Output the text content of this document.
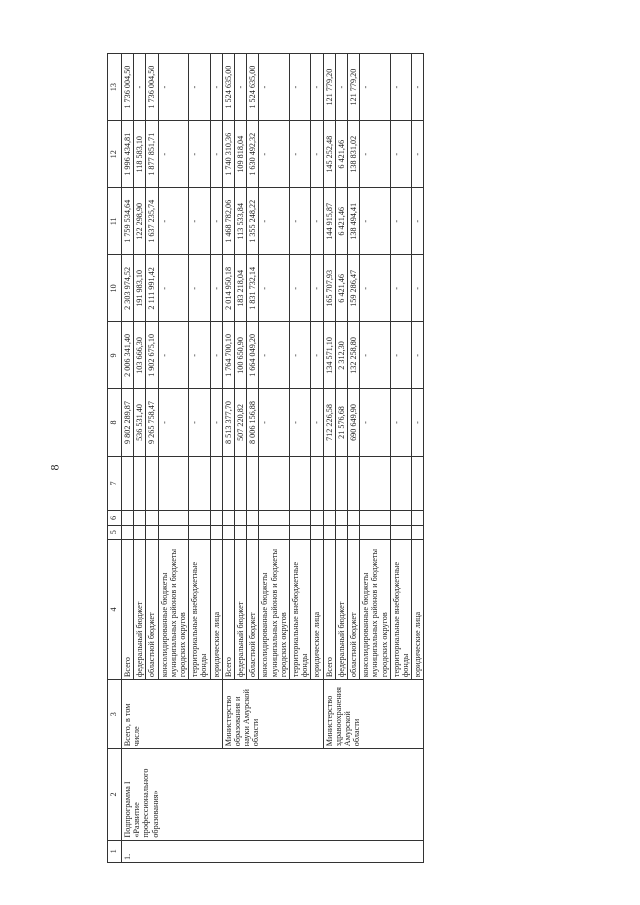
8
1	2	3	4	5	6	7	8	9	10	11	12	13
1.	Подпрограмма I «Развитие профессионального образования»	Всего, в том числе	Всего				9 802 289,87	2 006 341,40	2 303 974,52	1 759 534,64	1 996 434,81	1 736 004,50
			федеральный бюджет				536 531,40	103 666,30	191 983,10	122 298,90	118 583,10	-
			областной бюджет				9 265 758,47	1 902 675,10	2 111 991,42	1 637 235,74	1 877 851,71	1 736 004,50
			консолидированные бюджеты муниципальных районов и бюджеты городских округов				-	-	-	-	-	-
			территориальные внебюджетные фонды				-	-	-	-	-	-
			юридические лица				-	-	-	-	-	-
		Министерство образования и науки Амурской области	Всего				8 513 377,70	1 764 700,10	2 014 950,18	1 468 782,06	1 740 310,36	1 524 635,00
			федеральный бюджет				507 220,82	100 650,90	183 218,04	113 533,84	109 818,04	-
			областной бюджет				8 006 156,88	1 664 049,20	1 831 732,14	1 355 248,22	1 630 492,32	1 524 635,00
			консолидированные бюджеты муниципальных районов и бюджеты городских округов				-	-	-	-	-	-
			территориальные внебюджетные фонды				-	-	-	-	-	-
			юридические лица				-	-	-	-	-	-
		Министерство здравоохранения Амурской области	Всего				712 226,58	134 571,10	165 707,93	144 915,87	145 252,48	121 779,20
			федеральный бюджет				21 576,68	2 312,30	6 421,46	6 421,46	6 421,46	-
			областной бюджет				690 649,90	132 258,80	159 286,47	138 494,41	138 831,02	121 779,20
			консолидированные бюджеты муниципальных районов и бюджеты городских округов				-	-	-	-	-	-
			территориальные внебюджетные фонды				-	-	-	-	-	-
			юридические лица				-	-	-	-	-	-
